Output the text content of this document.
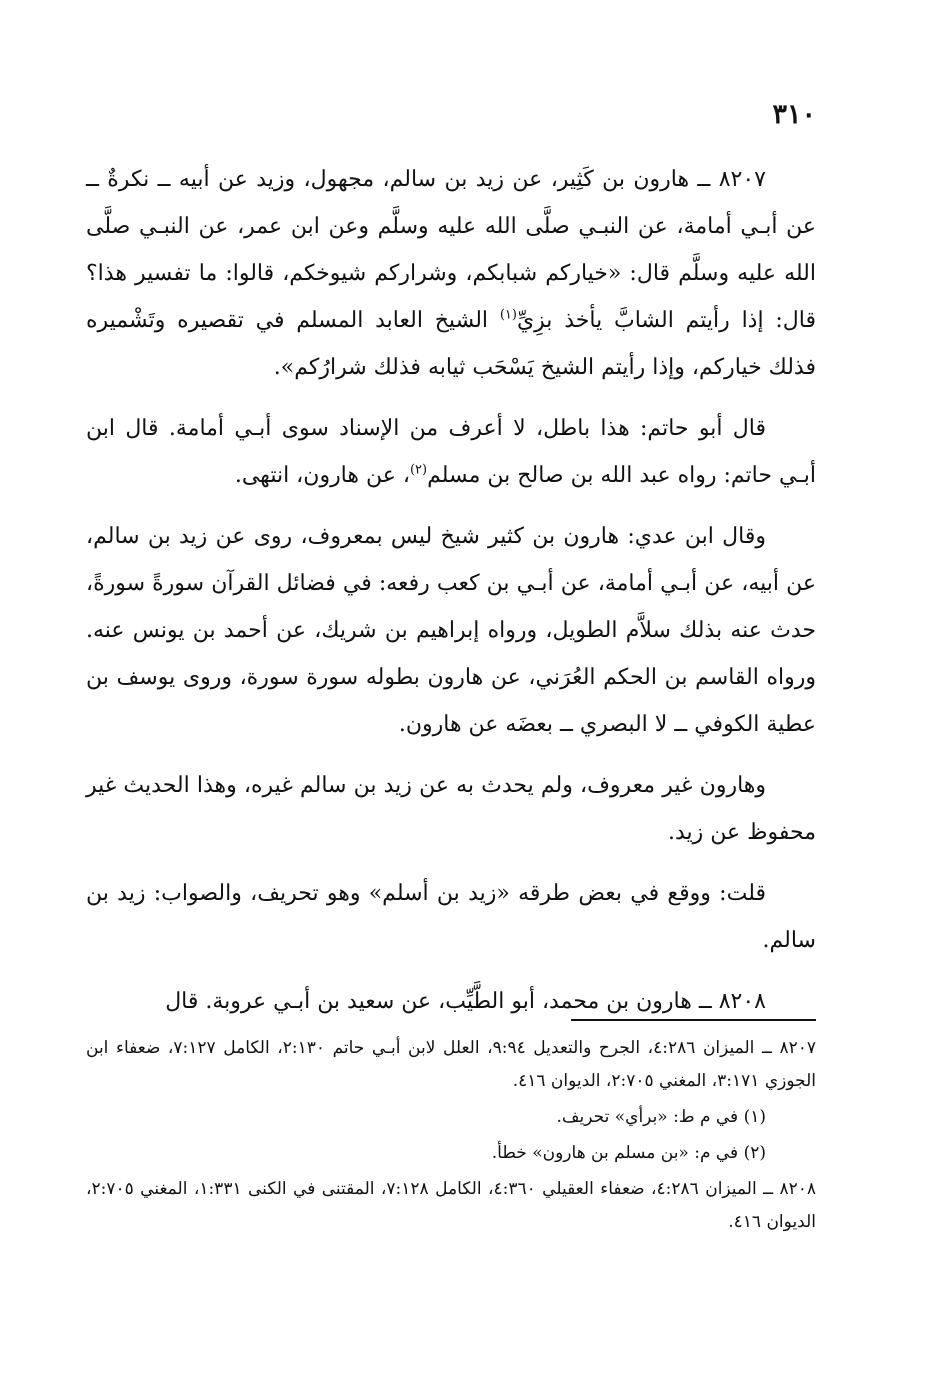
٣١٠

٨٢٠٧ ــ هارون بن كَثِير، عن زيد بن سالم، مجهول، وزيد عن أبيه ــ نكرةٌ ــ عن أبـي أمامة، عن النبـي صلَّى الله عليه وسلَّم وعن ابن عمر، عن النبـي صلَّى الله عليه وسلَّم قال: «خياركم شبابكم، وشراركم شيوخكم، قالوا: ما تفسير هذا؟ قال: إذا رأيتم الشابَّ يأخذ بزِيِّ$^{(١)}$ الشيخ العابد المسلم في تقصيره وتَشْميره فذلك خياركم، وإذا رأيتم الشيخ يَسْحَب ثيابه فذلك شرارُكم».

قال أبو حاتم: هذا باطل، لا أعرف من الإسناد سوى أبـي أمامة. قال ابن أبـي حاتم: رواه عبد الله بن صالح بن مسلم$^{(٢)}$، عن هارون، انتهى.

وقال ابن عدي: هارون بن كثير شيخ ليس بمعروف، روى عن زيد بن سالم، عن أبيه، عن أبـي أمامة، عن أبـي بن كعب رفعه: في فضائل القرآن سورةً سورةً، حدث عنه بذلك سلاَّم الطويل، ورواه إبراهيم بن شريك، عن أحمد بن يونس عنه. ورواه القاسم بن الحكم العُرَني، عن هارون بطوله سورة سورة، وروى يوسف بن عطية الكوفي ــ لا البصري ــ بعضَه عن هارون.

وهارون غير معروف، ولم يحدث به عن زيد بن سالم غيره، وهذا الحديث غير محفوظ عن زيد.

قلت: ووقع في بعض طرقه «زيد بن أسلم» وهو تحريف، والصواب: زيد بن سالم.

٨٢٠٨ ــ هارون بن محمد، أبو الطَّيِّب، عن سعيد بن أبـي عروبة. قال

٨٢٠٧ ــ الميزان ٤:٢٨٦، الجرح والتعديل ٩:٩٤، العلل لابن أبـي حاتم ٢:١٣٠، الكامل ٧:١٢٧، ضعفاء ابن الجوزي ٣:١٧١، المغني ٢:٧٠٥، الديوان ٤١٦.

(١) في م ط: «برأي» تحريف.

(٢) في م: «بن مسلم بن هارون» خطأ.

٨٢٠٨ ــ الميزان ٤:٢٨٦، ضعفاء العقيلي ٤:٣٦٠، الكامل ٧:١٢٨، المقتنى في الكنى ١:٣٣١، المغني ٢:٧٠٥، الديوان ٤١٦.
